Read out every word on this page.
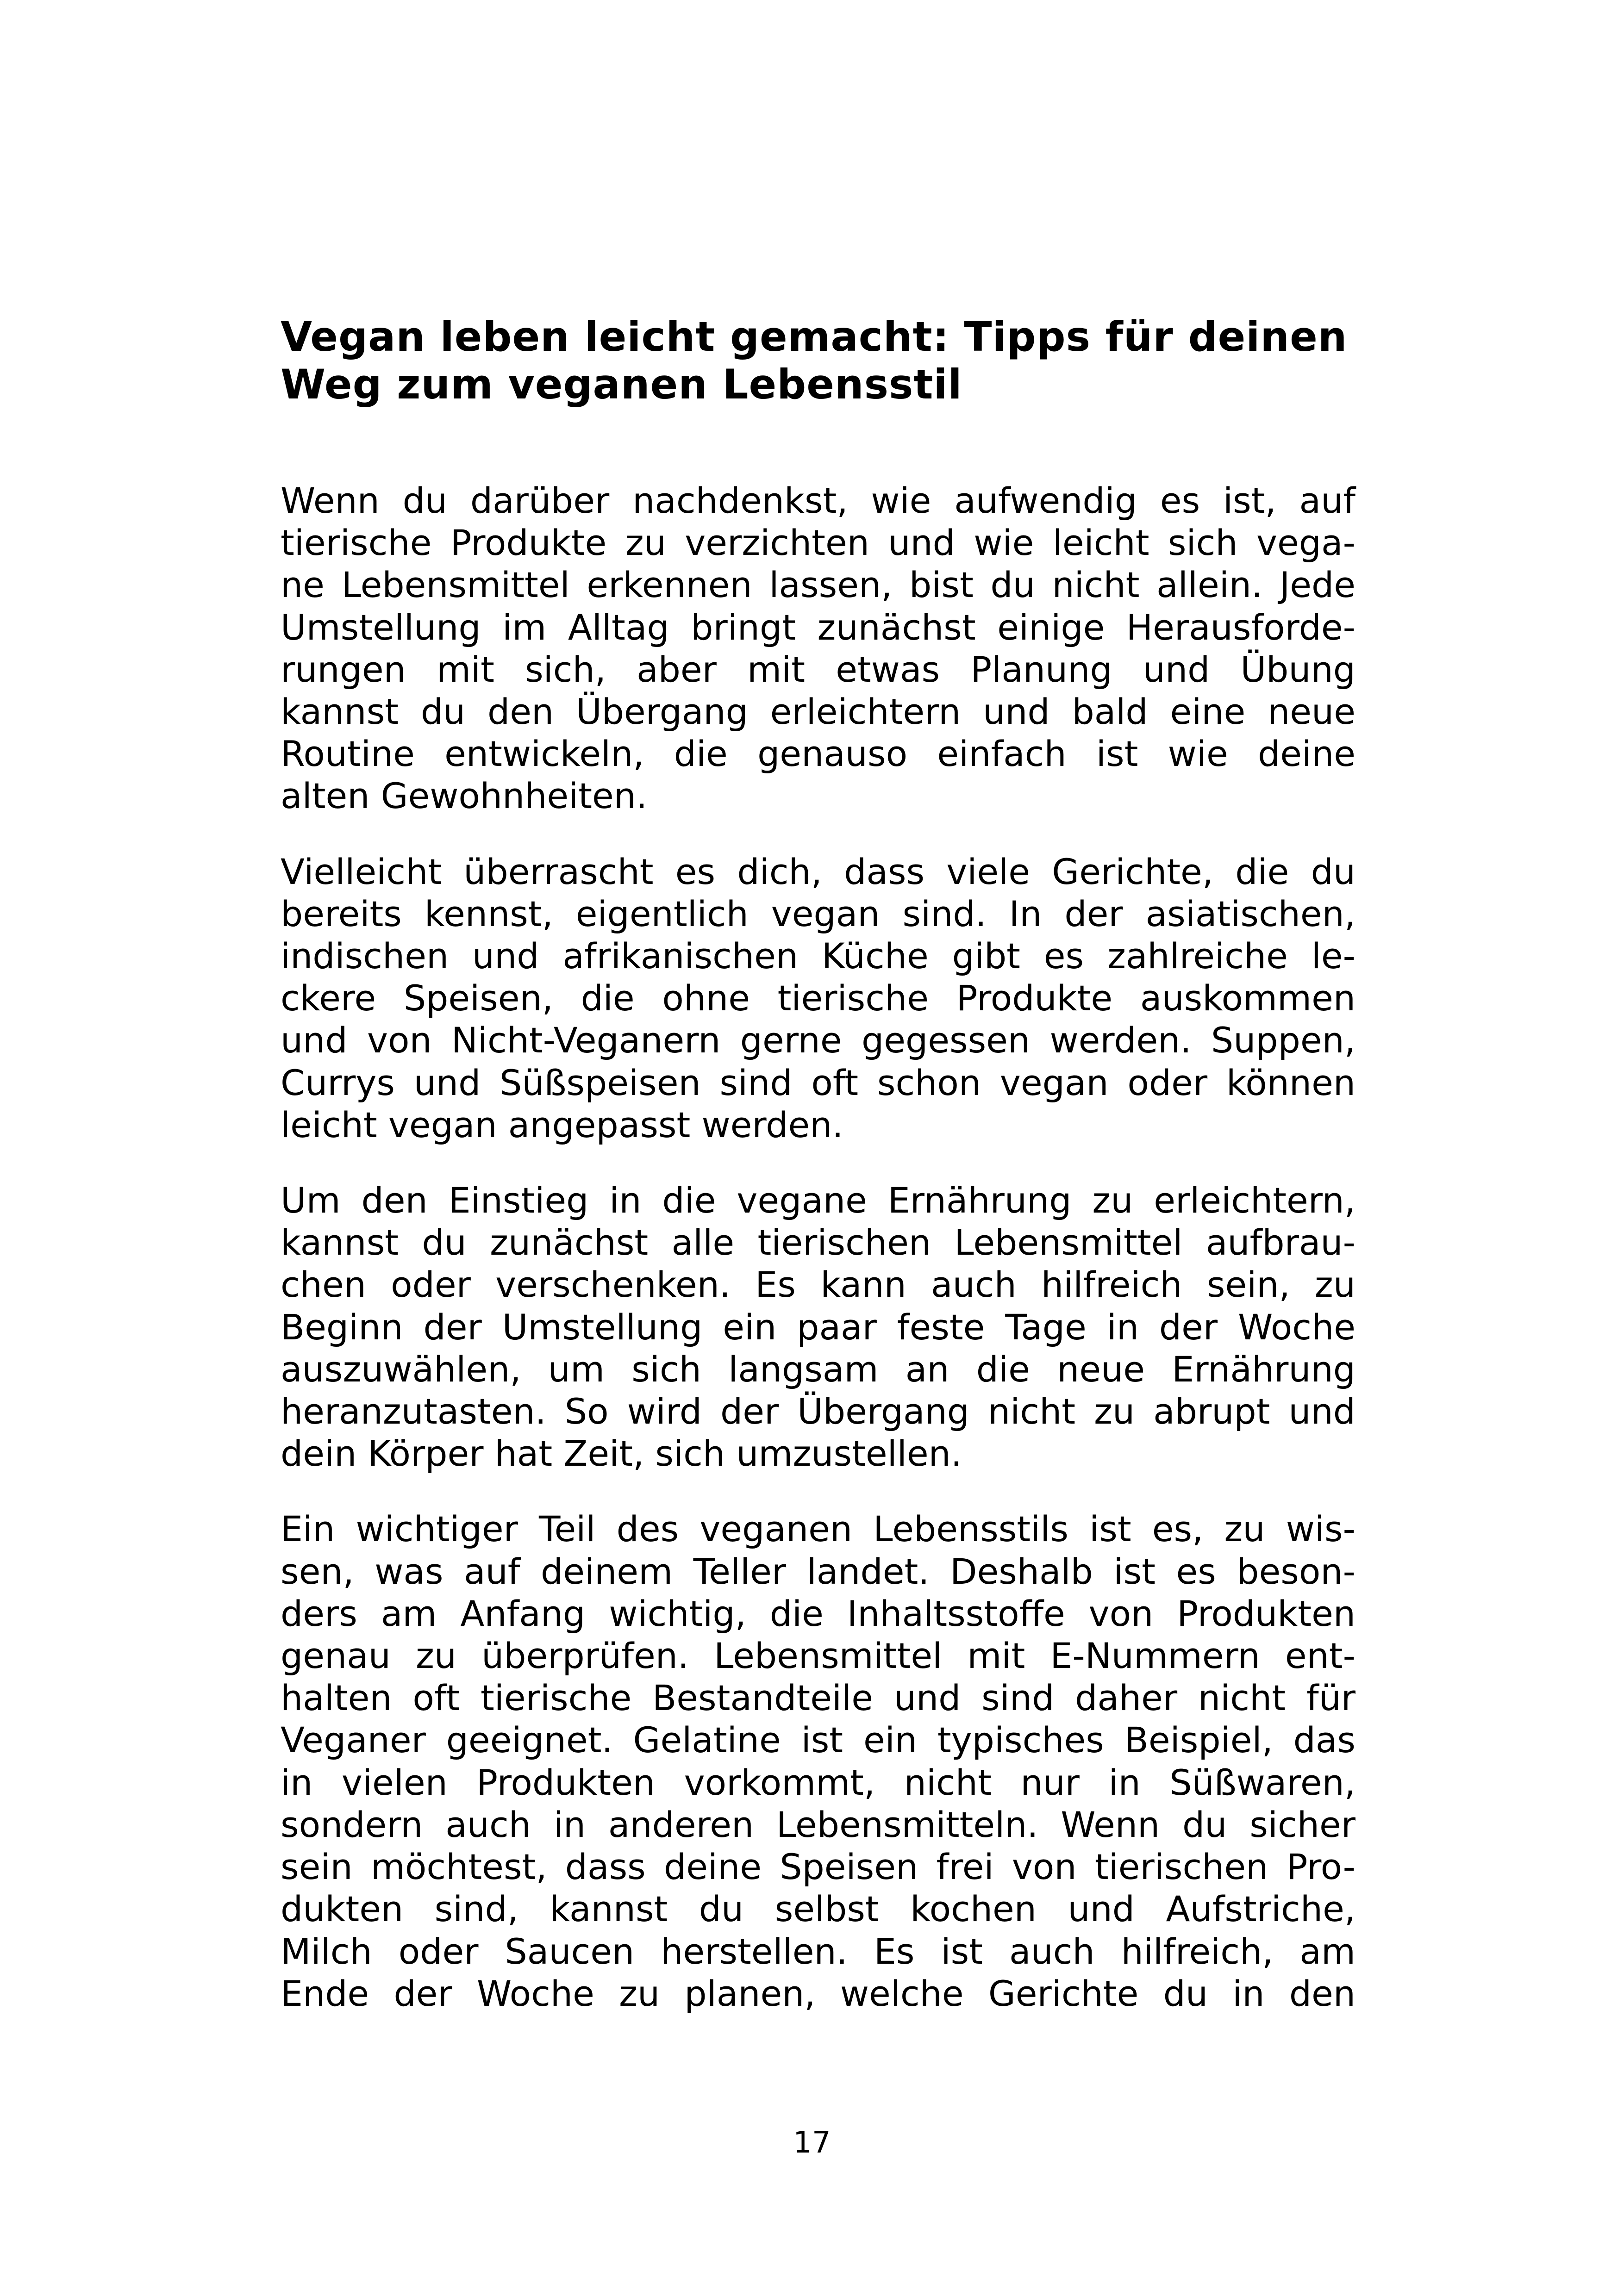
Vegan leben leicht gemacht: Tipps für deinen
Weg zum veganen Lebensstil

Wenn du darüber nachdenkst, wie aufwendig es ist, auf
tierische Produkte zu verzichten und wie leicht sich vega-
ne Lebensmittel erkennen lassen, bist du nicht allein. Jede
Umstellung im Alltag bringt zunächst einige Herausforde-
rungen mit sich, aber mit etwas Planung und Übung
kannst du den Übergang erleichtern und bald eine neue
Routine entwickeln, die genauso einfach ist wie deine
alten Gewohnheiten.

Vielleicht überrascht es dich, dass viele Gerichte, die du
bereits kennst, eigentlich vegan sind. In der asiatischen,
indischen und afrikanischen Küche gibt es zahlreiche le-
ckere Speisen, die ohne tierische Produkte auskommen
und von Nicht-Veganern gerne gegessen werden. Suppen,
Currys und Süßspeisen sind oft schon vegan oder können
leicht vegan angepasst werden.

Um den Einstieg in die vegane Ernährung zu erleichtern,
kannst du zunächst alle tierischen Lebensmittel aufbrau-
chen oder verschenken. Es kann auch hilfreich sein, zu
Beginn der Umstellung ein paar feste Tage in der Woche
auszuwählen, um sich langsam an die neue Ernährung
heranzutasten. So wird der Übergang nicht zu abrupt und
dein Körper hat Zeit, sich umzustellen.

Ein wichtiger Teil des veganen Lebensstils ist es, zu wis-
sen, was auf deinem Teller landet. Deshalb ist es beson-
ders am Anfang wichtig, die Inhaltsstoffe von Produkten
genau zu überprüfen. Lebensmittel mit E-Nummern ent-
halten oft tierische Bestandteile und sind daher nicht für
Veganer geeignet. Gelatine ist ein typisches Beispiel, das
in vielen Produkten vorkommt, nicht nur in Süßwaren,
sondern auch in anderen Lebensmitteln. Wenn du sicher
sein möchtest, dass deine Speisen frei von tierischen Pro-
dukten sind, kannst du selbst kochen und Aufstriche,
Milch oder Saucen herstellen. Es ist auch hilfreich, am
Ende der Woche zu planen, welche Gerichte du in den

17
